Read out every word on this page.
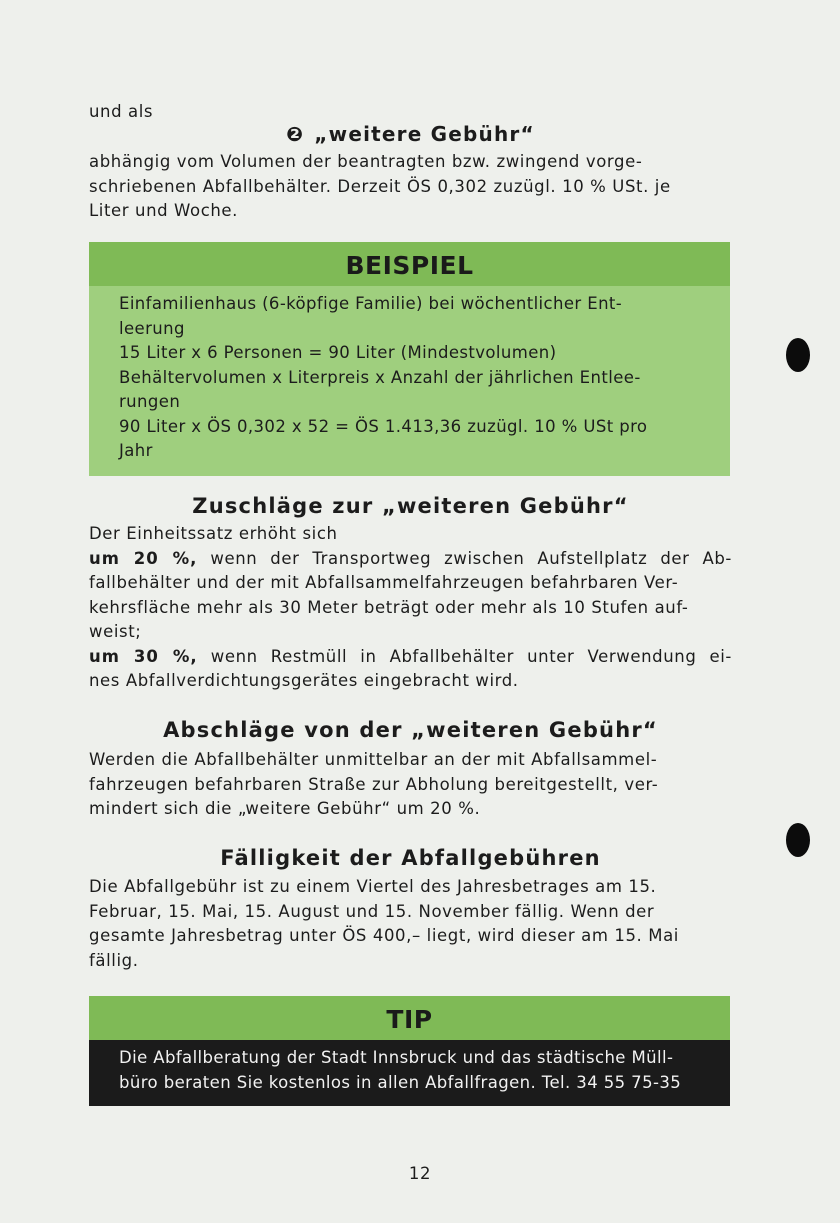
und als
❷ „weitere Gebühr“
abhängig vom Volumen der beantragten bzw. zwingend vorge-
schriebenen Abfallbehälter. Derzeit ÖS 0,302 zuzügl. 10 % USt. je
Liter und Woche.
BEISPIEL
Einfamilienhaus (6-köpfige Familie) bei wöchentlicher Ent-
leerung
15 Liter x 6 Personen = 90 Liter (Mindestvolumen)
Behältervolumen x Literpreis x Anzahl der jährlichen Entlee-
rungen
90 Liter x ÖS 0,302 x 52 = ÖS 1.413,36 zuzügl. 10 % USt pro
Jahr
Zuschläge zur „weiteren Gebühr“
Der Einheitssatz erhöht sich
um 20 %, wenn der Transportweg zwischen Aufstellplatz der Ab-
fallbehälter und der mit Abfallsammelfahrzeugen befahrbaren Ver-
kehrsfläche mehr als 30 Meter beträgt oder mehr als 10 Stufen auf-
weist;
um 30 %, wenn Restmüll in Abfallbehälter unter Verwendung ei-
nes Abfallverdichtungsgerätes eingebracht wird.
Abschläge von der „weiteren Gebühr“
Werden die Abfallbehälter unmittelbar an der mit Abfallsammel-
fahrzeugen befahrbaren Straße zur Abholung bereitgestellt, ver-
mindert sich die „weitere Gebühr“ um 20 %.
Fälligkeit der Abfallgebühren
Die Abfallgebühr ist zu einem Viertel des Jahresbetrages am 15.
Februar, 15. Mai, 15. August und 15. November fällig. Wenn der
gesamte Jahresbetrag unter ÖS 400,– liegt, wird dieser am 15. Mai
fällig.
TIP
Die Abfallberatung der Stadt Innsbruck und das städtische Müll-
büro beraten Sie kostenlos in allen Abfallfragen. Tel. 34 55 75-35
12
